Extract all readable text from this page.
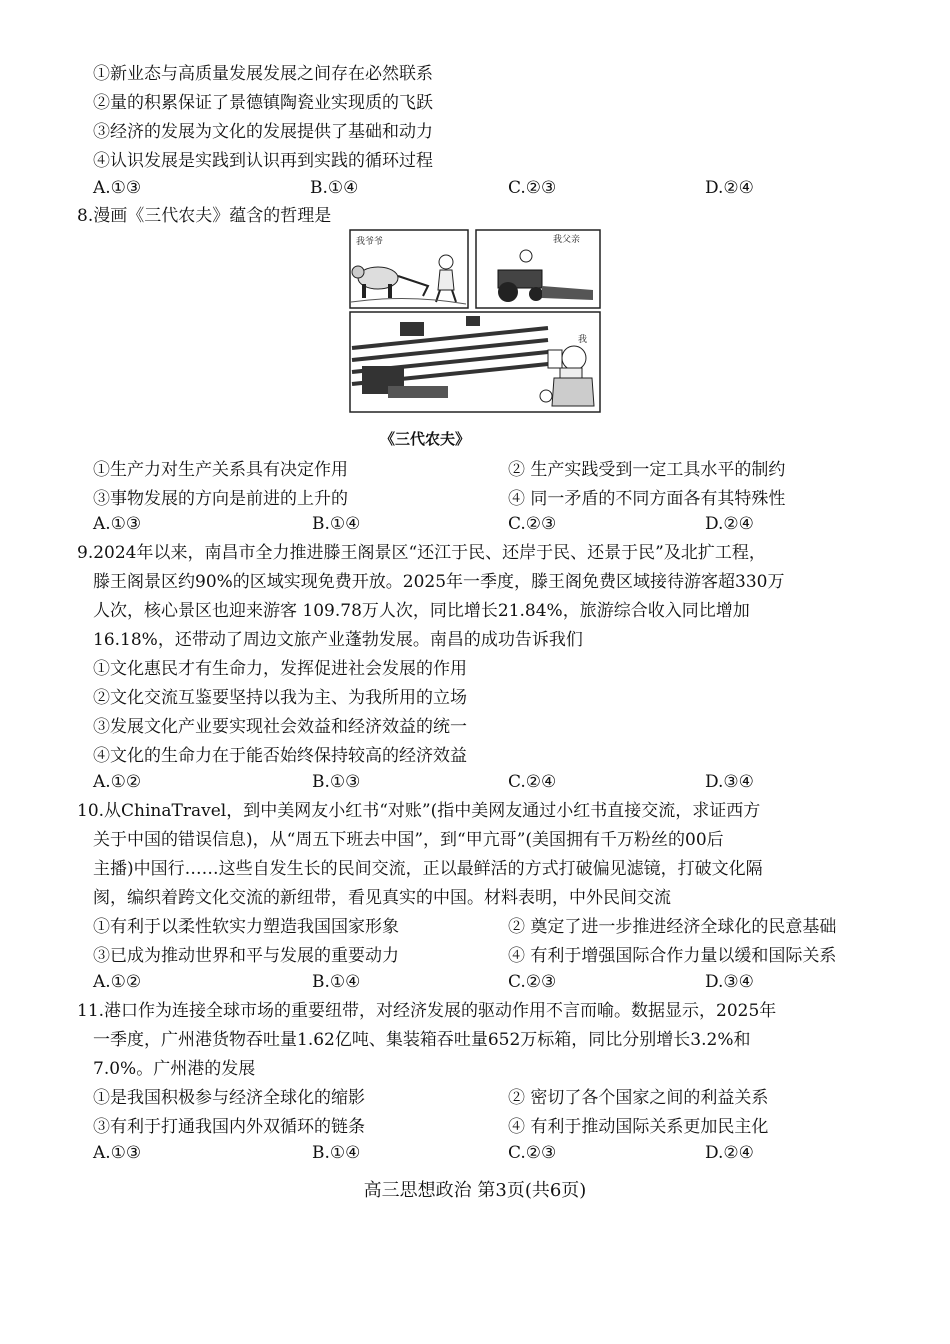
①新业态与高质量发展发展之间存在必然联系
②量的积累保证了景德镇陶瓷业实现质的飞跃
③经济的发展为文化的发展提供了基础和动力
④认识发展是实践到认识再到实践的循环过程
A.①③	B.①④	C.②③	D.②④
8.漫画《三代农夫》蕴含的哲理是
我爷爷	我父亲
我
《三代农夫》
①生产力对生产关系具有决定作用	② 生产实践受到一定工具水平的制约
③事物发展的方向是前进的上升的	④ 同一矛盾的不同方面各有其特殊性
A.①③	B.①④	C.②③	D.②④
9.2024年以来，南昌市全力推进滕王阁景区“还江于民、还岸于民、还景于民”及北扩工程，
滕王阁景区约90%的区域实现免费开放。2025年一季度，滕王阁免费区域接待游客超330万
人次，核心景区也迎来游客 109.78万人次，同比增长21.84%，旅游综合收入同比增加
16.18%，还带动了周边文旅产业蓬勃发展。南昌的成功告诉我们
①文化惠民才有生命力，发挥促进社会发展的作用
②文化交流互鉴要坚持以我为主、为我所用的立场
③发展文化产业要实现社会效益和经济效益的统一
④文化的生命力在于能否始终保持较高的经济效益
A.①②	B.①③	C.②④	D.③④
10.从ChinaTravel，到中美网友小红书“对账”(指中美网友通过小红书直接交流，求证西方
关于中国的错误信息)，从“周五下班去中国”，到“甲亢哥”(美国拥有千万粉丝的00后
主播)中国行……这些自发生长的民间交流，正以最鲜活的方式打破偏见滤镜，打破文化隔
阂，编织着跨文化交流的新纽带，看见真实的中国。材料表明，中外民间交流
①有利于以柔性软实力塑造我国国家形象	② 奠定了进一步推进经济全球化的民意基础
③已成为推动世界和平与发展的重要动力	④ 有利于增强国际合作力量以缓和国际关系
A.①②	B.①④	C.②③	D.③④
11.港口作为连接全球市场的重要纽带，对经济发展的驱动作用不言而喻。数据显示，2025年
一季度，广州港货物吞吐量1.62亿吨、集装箱吞吐量652万标箱，同比分别增长3.2%和
7.0%。广州港的发展
①是我国积极参与经济全球化的缩影	② 密切了各个国家之间的利益关系
③有利于打通我国内外双循环的链条	④ 有利于推动国际关系更加民主化
A.①③	B.①④	C.②③	D.②④
高三思想政治 第3页(共6页)
